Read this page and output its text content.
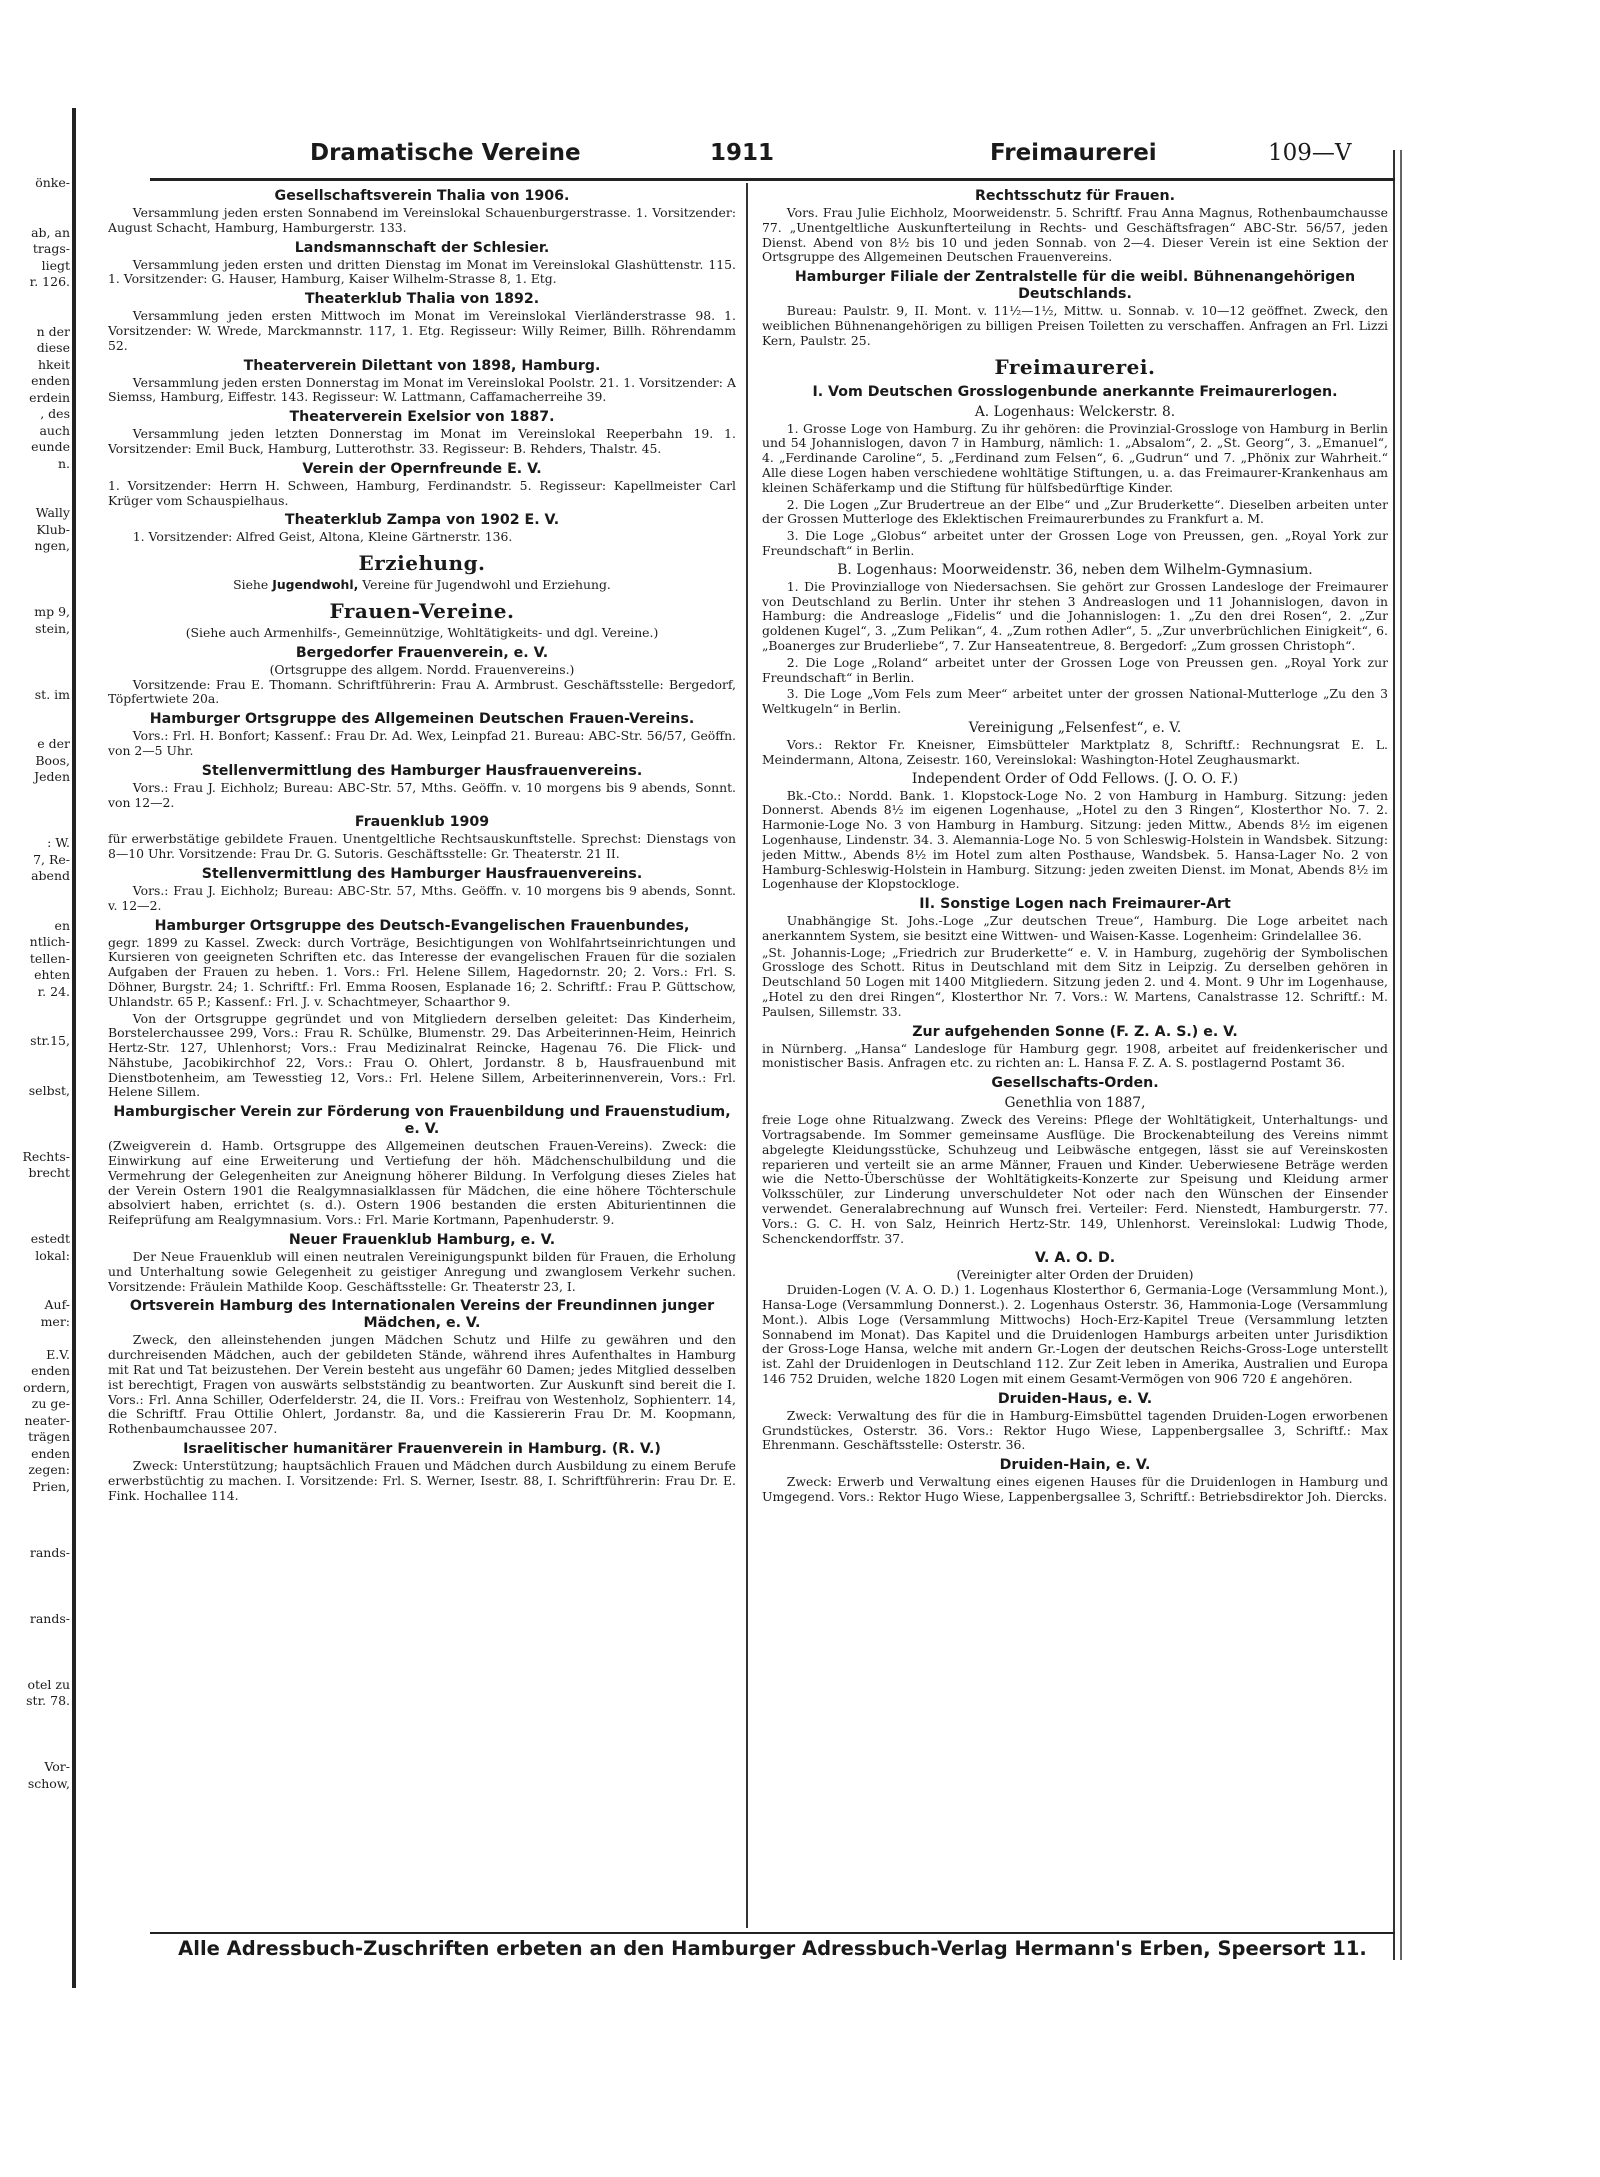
önke-
ab, an
trags-
liegt
r. 126.
n der
diese
hkeit
enden
erdein
, des
auch
eunde
n.
Wally
Klub-
ngen,
mp 9,
stein,
st. im
e der
Boos,
Jeden
: W.
7, Re-
abend
en
ntlich-
tellen-
ehten
r. 24.
str.15,
selbst,
Rechts-
brecht
estedt
lokal:
Auf-
mer:
E.V.
enden
ordern,
zu ge-
neater-
trägen
enden
zegen:
Prien,
rands-
rands-
otel zu
str. 78.
Vor-
schow,
Dramatische Vereine	1911	Freimaurerei	109—V
Gesellschaftsverein Thalia von 1906.

Versammlung jeden ersten Sonnabend im Vereinslokal Schauenburgerstrasse. 1. Vorsitzender: August Schacht, Hamburg, Hamburgerstr. 133.

Landsmannschaft der Schlesier.

Versammlung jeden ersten und dritten Dienstag im Monat im Vereinslokal Glashüttenstr. 115. 1. Vorsitzender: G. Hauser, Hamburg, Kaiser Wilhelm-Strasse 8, 1. Etg.

Theaterklub Thalia von 1892.

Versammlung jeden ersten Mittwoch im Monat im Vereinslokal Vierländerstrasse 98. 1. Vorsitzender: W. Wrede, Marckmannstr. 117, 1. Etg. Regisseur: Willy Reimer, Billh. Röhrendamm 52.

Theaterverein Dilettant von 1898, Hamburg.

Versammlung jeden ersten Donnerstag im Monat im Vereinslokal Poolstr. 21. 1. Vorsitzender: A Siemss, Hamburg, Eiffestr. 143. Regisseur: W. Lattmann, Caffamacherreihe 39.

Theaterverein Exelsior von 1887.

Versammlung jeden letzten Donnerstag im Monat im Vereinslokal Reeperbahn 19. 1. Vorsitzender: Emil Buck, Hamburg, Lutterothstr. 33. Regisseur: B. Rehders, Thalstr. 45.

Verein der Opernfreunde E. V.

1. Vorsitzender: Herrn H. Schween, Hamburg, Ferdinandstr. 5. Regisseur: Kapellmeister Carl Krüger vom Schauspielhaus.

Theaterklub Zampa von 1902 E. V.

1. Vorsitzender: Alfred Geist, Altona, Kleine Gärtnerstr. 136.

Erziehung.
Siehe Jugendwohl, Vereine für Jugendwohl und Erziehung.
Frauen-Vereine.
(Siehe auch Armenhilfs-, Gemeinnützige, Wohltätigkeits- und dgl. Vereine.)
Bergedorfer Frauenverein, e. V.
(Ortsgruppe des allgem. Nordd. Frauenvereins.)

Vorsitzende: Frau E. Thomann. Schriftführerin: Frau A. Armbrust. Geschäftsstelle: Bergedorf, Töpfertwiete 20a.

Hamburger Ortsgruppe des Allgemeinen Deutschen Frauen-Vereins.

Vors.: Frl. H. Bonfort; Kassenf.: Frau Dr. Ad. Wex, Leinpfad 21. Bureau: ABC-Str. 56/57, Geöffn. von 2—5 Uhr.

Stellenvermittlung des Hamburger Hausfrauenvereins.

Vors.: Frau J. Eichholz; Bureau: ABC-Str. 57, Mths. Geöffn. v. 10 morgens bis 9 abends, Sonnt. von 12—2.

Frauenklub 1909

für erwerbstätige gebildete Frauen. Unentgeltliche Rechtsauskunftstelle. Sprechst: Dienstags von 8—10 Uhr. Vorsitzende: Frau Dr. G. Sutoris. Geschäftsstelle: Gr. Theaterstr. 21 II.

Stellenvermittlung des Hamburger Hausfrauenvereins.

Vors.: Frau J. Eichholz; Bureau: ABC-Str. 57, Mths. Geöffn. v. 10 morgens bis 9 abends, Sonnt. v. 12—2.

Hamburger Ortsgruppe des Deutsch-Evangelischen Frauenbundes,

gegr. 1899 zu Kassel. Zweck: durch Vorträge, Besichtigungen von Wohlfahrtseinrichtungen und Kursieren von geeigneten Schriften etc. das Interesse der evangelischen Frauen für die sozialen Aufgaben der Frauen zu heben. 1. Vors.: Frl. Helene Sillem, Hagedornstr. 20; 2. Vors.: Frl. S. Döhner, Burgstr. 24; 1. Schriftf.: Frl. Emma Roosen, Esplanade 16; 2. Schriftf.: Frau P. Güttschow, Uhlandstr. 65 P.; Kassenf.: Frl. J. v. Schachtmeyer, Schaarthor 9.

Von der Ortsgruppe gegründet und von Mitgliedern derselben geleitet: Das Kinderheim, Borstelerchaussee 299, Vors.: Frau R. Schülke, Blumenstr. 29. Das Arbeiterinnen-Heim, Heinrich Hertz-Str. 127, Uhlenhorst; Vors.: Frau Medizinalrat Reincke, Hagenau 76. Die Flick- und Nähstube, Jacobikirchhof 22, Vors.: Frau O. Ohlert, Jordanstr. 8 b, Hausfrauenbund mit Dienstbotenheim, am Tewesstieg 12, Vors.: Frl. Helene Sillem, Arbeiterinnenverein, Vors.: Frl. Helene Sillem.

Hamburgischer Verein zur Förderung von Frauenbildung und Frauenstudium, e. V.

(Zweigverein d. Hamb. Ortsgruppe des Allgemeinen deutschen Frauen-Vereins). Zweck: die Einwirkung auf eine Erweiterung und Vertiefung der höh. Mädchenschulbildung und die Vermehrung der Gelegenheiten zur Aneignung höherer Bildung. In Verfolgung dieses Zieles hat der Verein Ostern 1901 die Realgymnasialklassen für Mädchen, die eine höhere Töchterschule absolviert haben, errichtet (s. d.). Ostern 1906 bestanden die ersten Abiturientinnen die Reifeprüfung am Realgymnasium. Vors.: Frl. Marie Kortmann, Papenhuderstr. 9.

Neuer Frauenklub Hamburg, e. V.

Der Neue Frauenklub will einen neutralen Vereinigungspunkt bilden für Frauen, die Erholung und Unterhaltung sowie Gelegenheit zu geistiger Anregung und zwanglosem Verkehr suchen. Vorsitzende: Fräulein Mathilde Koop. Geschäftsstelle: Gr. Theaterstr 23, I.

Ortsverein Hamburg des Internationalen Vereins der Freundinnen junger Mädchen, e. V.

Zweck, den alleinstehenden jungen Mädchen Schutz und Hilfe zu gewähren und den durchreisenden Mädchen, auch der gebildeten Stände, während ihres Aufenthaltes in Hamburg mit Rat und Tat beizustehen. Der Verein besteht aus ungefähr 60 Damen; jedes Mitglied desselben ist berechtigt, Fragen von auswärts selbstständig zu beantworten. Zur Auskunft sind bereit die I. Vors.: Frl. Anna Schiller, Oderfelderstr. 24, die II. Vors.: Freifrau von Westenholz, Sophienterr. 14, die Schriftf. Frau Ottilie Ohlert, Jordanstr. 8a, und die Kassiererin Frau Dr. M. Koopmann, Rothenbaumchaussee 207.

Israelitischer humanitärer Frauenverein in Hamburg. (R. V.)

Zweck: Unterstützung; hauptsächlich Frauen und Mädchen durch Ausbildung zu einem Berufe erwerbstüchtig zu machen. I. Vorsitzende: Frl. S. Werner, Isestr. 88, I. Schriftführerin: Frau Dr. E. Fink. Hochallee 114.

Rechtsschutz für Frauen.

Vors. Frau Julie Eichholz, Moorweidenstr. 5. Schriftf. Frau Anna Magnus, Rothenbaumchausse 77. „Unentgeltliche Auskunfterteilung in Rechts- und Geschäftsfragen“ ABC-Str. 56/57, jeden Dienst. Abend von 8½ bis 10 und jeden Sonnab. von 2—4. Dieser Verein ist eine Sektion der Ortsgruppe des Allgemeinen Deutschen Frauenvereins.

Hamburger Filiale der Zentralstelle für die weibl. Bühnenangehörigen Deutschlands.

Bureau: Paulstr. 9, II. Mont. v. 11½—1½, Mittw. u. Sonnab. v. 10—12 geöffnet. Zweck, den weiblichen Bühnenangehörigen zu billigen Preisen Toiletten zu verschaffen. Anfragen an Frl. Lizzi Kern, Paulstr. 25.

Freimaurerei.
I. Vom Deutschen Grosslogenbunde anerkannte Freimaurerlogen.
A. Logenhaus: Welckerstr. 8.

1. Grosse Loge von Hamburg. Zu ihr gehören: die Provinzial-Grossloge von Hamburg in Berlin und 54 Johannislogen, davon 7 in Hamburg, nämlich: 1. „Absalom“, 2. „St. Georg“, 3. „Emanuel“, 4. „Ferdinande Caroline“, 5. „Ferdinand zum Felsen“, 6. „Gudrun“ und 7. „Phönix zur Wahrheit.“ Alle diese Logen haben verschiedene wohltätige Stiftungen, u. a. das Freimaurer-Krankenhaus am kleinen Schäferkamp und die Stiftung für hülfsbedürftige Kinder.

2. Die Logen „Zur Brudertreue an der Elbe“ und „Zur Bruderkette“. Dieselben arbeiten unter der Grossen Mutterloge des Eklektischen Freimaurerbundes zu Frankfurt a. M.

3. Die Loge „Globus“ arbeitet unter der Grossen Loge von Preussen, gen. „Royal York zur Freundschaft“ in Berlin.

B. Logenhaus: Moorweidenstr. 36, neben dem Wilhelm-Gymnasium.

1. Die Provinzialloge von Niedersachsen. Sie gehört zur Grossen Landesloge der Freimaurer von Deutschland zu Berlin. Unter ihr stehen 3 Andreaslogen und 11 Johannislogen, davon in Hamburg: die Andreasloge „Fidelis“ und die Johannislogen: 1. „Zu den drei Rosen“, 2. „Zur goldenen Kugel“, 3. „Zum Pelikan“, 4. „Zum rothen Adler“, 5. „Zur unverbrüchlichen Einigkeit“, 6. „Boanerges zur Bruderliebe“, 7. Zur Hanseatentreue, 8. Bergedorf: „Zum grossen Christoph“.

2. Die Loge „Roland“ arbeitet unter der Grossen Loge von Preussen gen. „Royal York zur Freundschaft“ in Berlin.

3. Die Loge „Vom Fels zum Meer“ arbeitet unter der grossen National-Mutterloge „Zu den 3 Weltkugeln“ in Berlin.

Vereinigung „Felsenfest“, e. V.

Vors.: Rektor Fr. Kneisner, Eimsbütteler Marktplatz 8, Schriftf.: Rechnungsrat E. L. Meindermann, Altona, Zeisestr. 160, Vereinslokal: Washington-Hotel Zeughausmarkt.

Independent Order of Odd Fellows. (J. O. O. F.)

Bk.-Cto.: Nordd. Bank. 1. Klopstock-Loge No. 2 von Hamburg in Hamburg. Sitzung: jeden Donnerst. Abends 8½ im eigenen Logenhause, „Hotel zu den 3 Ringen“, Klosterthor No. 7. 2. Harmonie-Loge No. 3 von Hamburg in Hamburg. Sitzung: jeden Mittw., Abends 8½ im eigenen Logenhause, Lindenstr. 34. 3. Alemannia-Loge No. 5 von Schleswig-Holstein in Wandsbek. Sitzung: jeden Mittw., Abends 8½ im Hotel zum alten Posthause, Wandsbek. 5. Hansa-Lager No. 2 von Hamburg-Schleswig-Holstein in Hamburg. Sitzung: jeden zweiten Dienst. im Monat, Abends 8½ im Logenhause der Klopstockloge.

II. Sonstige Logen nach Freimaurer-Art

Unabhängige St. Johs.-Loge „Zur deutschen Treue“, Hamburg. Die Loge arbeitet nach anerkanntem System, sie besitzt eine Wittwen- und Waisen-Kasse. Logenheim: Grindelallee 36.

„St. Johannis-Loge; „Friedrich zur Bruderkette“ e. V. in Hamburg, zugehörig der Symbolischen Grossloge des Schott. Ritus in Deutschland mit dem Sitz in Leipzig. Zu derselben gehören in Deutschland 50 Logen mit 1400 Mitgliedern. Sitzung jeden 2. und 4. Mont. 9 Uhr im Logenhause, „Hotel zu den drei Ringen“, Klosterthor Nr. 7. Vors.: W. Martens, Canalstrasse 12. Schriftf.: M. Paulsen, Sillemstr. 33.

Zur aufgehenden Sonne (F. Z. A. S.) e. V.

in Nürnberg. „Hansa“ Landesloge für Hamburg gegr. 1908, arbeitet auf freidenkerischer und monistischer Basis. Anfragen etc. zu richten an: L. Hansa F. Z. A. S. postlagernd Postamt 36.

Gesellschafts-Orden.
Genethlia von 1887,

freie Loge ohne Ritualzwang. Zweck des Vereins: Pflege der Wohltätigkeit, Unterhaltungs- und Vortragsabende. Im Sommer gemeinsame Ausflüge. Die Brockenabteilung des Vereins nimmt abgelegte Kleidungsstücke, Schuhzeug und Leibwäsche entgegen, lässt sie auf Vereinskosten reparieren und verteilt sie an arme Männer, Frauen und Kinder. Ueberwiesene Beträge werden wie die Netto-Überschüsse der Wohltätigkeits-Konzerte zur Speisung und Kleidung armer Volksschüler, zur Linderung unverschuldeter Not oder nach den Wünschen der Einsender verwendet. Generalabrechnung auf Wunsch frei. Verteiler: Ferd. Nienstedt, Hamburgerstr. 77. Vors.: G. C. H. von Salz, Heinrich Hertz-Str. 149, Uhlenhorst. Vereinslokal: Ludwig Thode, Schenckendorffstr. 37.

V. A. O. D.
(Vereinigter alter Orden der Druiden)

Druiden-Logen (V. A. O. D.) 1. Logenhaus Klosterthor 6, Germania-Loge (Versammlung Mont.), Hansa-Loge (Versammlung Donnerst.). 2. Logenhaus Osterstr. 36, Hammonia-Loge (Versammlung Mont.). Albis Loge (Versammlung Mittwochs) Hoch-Erz-Kapitel Treue (Versammlung letzten Sonnabend im Monat). Das Kapitel und die Druidenlogen Hamburgs arbeiten unter Jurisdiktion der Gross-Loge Hansa, welche mit andern Gr.-Logen der deutschen Reichs-Gross-Loge unterstellt ist. Zahl der Druidenlogen in Deutschland 112. Zur Zeit leben in Amerika, Australien und Europa 146 752 Druiden, welche 1820 Logen mit einem Gesamt-Vermögen von 906 720 £ angehören.

Druiden-Haus, e. V.

Zweck: Verwaltung des für die in Hamburg-Eimsbüttel tagenden Druiden-Logen erworbenen Grundstückes, Osterstr. 36. Vors.: Rektor Hugo Wiese, Lappenbergsallee 3, Schriftf.: Max Ehrenmann. Geschäftsstelle: Osterstr. 36.

Druiden-Hain, e. V.

Zweck: Erwerb und Verwaltung eines eigenen Hauses für die Druidenlogen in Hamburg und Umgegend. Vors.: Rektor Hugo Wiese, Lappenbergsallee 3, Schriftf.: Betriebsdirektor Joh. Diercks.

Alle Adressbuch-Zuschriften erbeten an den Hamburger Adressbuch-Verlag Hermann's Erben, Speersort 11.
